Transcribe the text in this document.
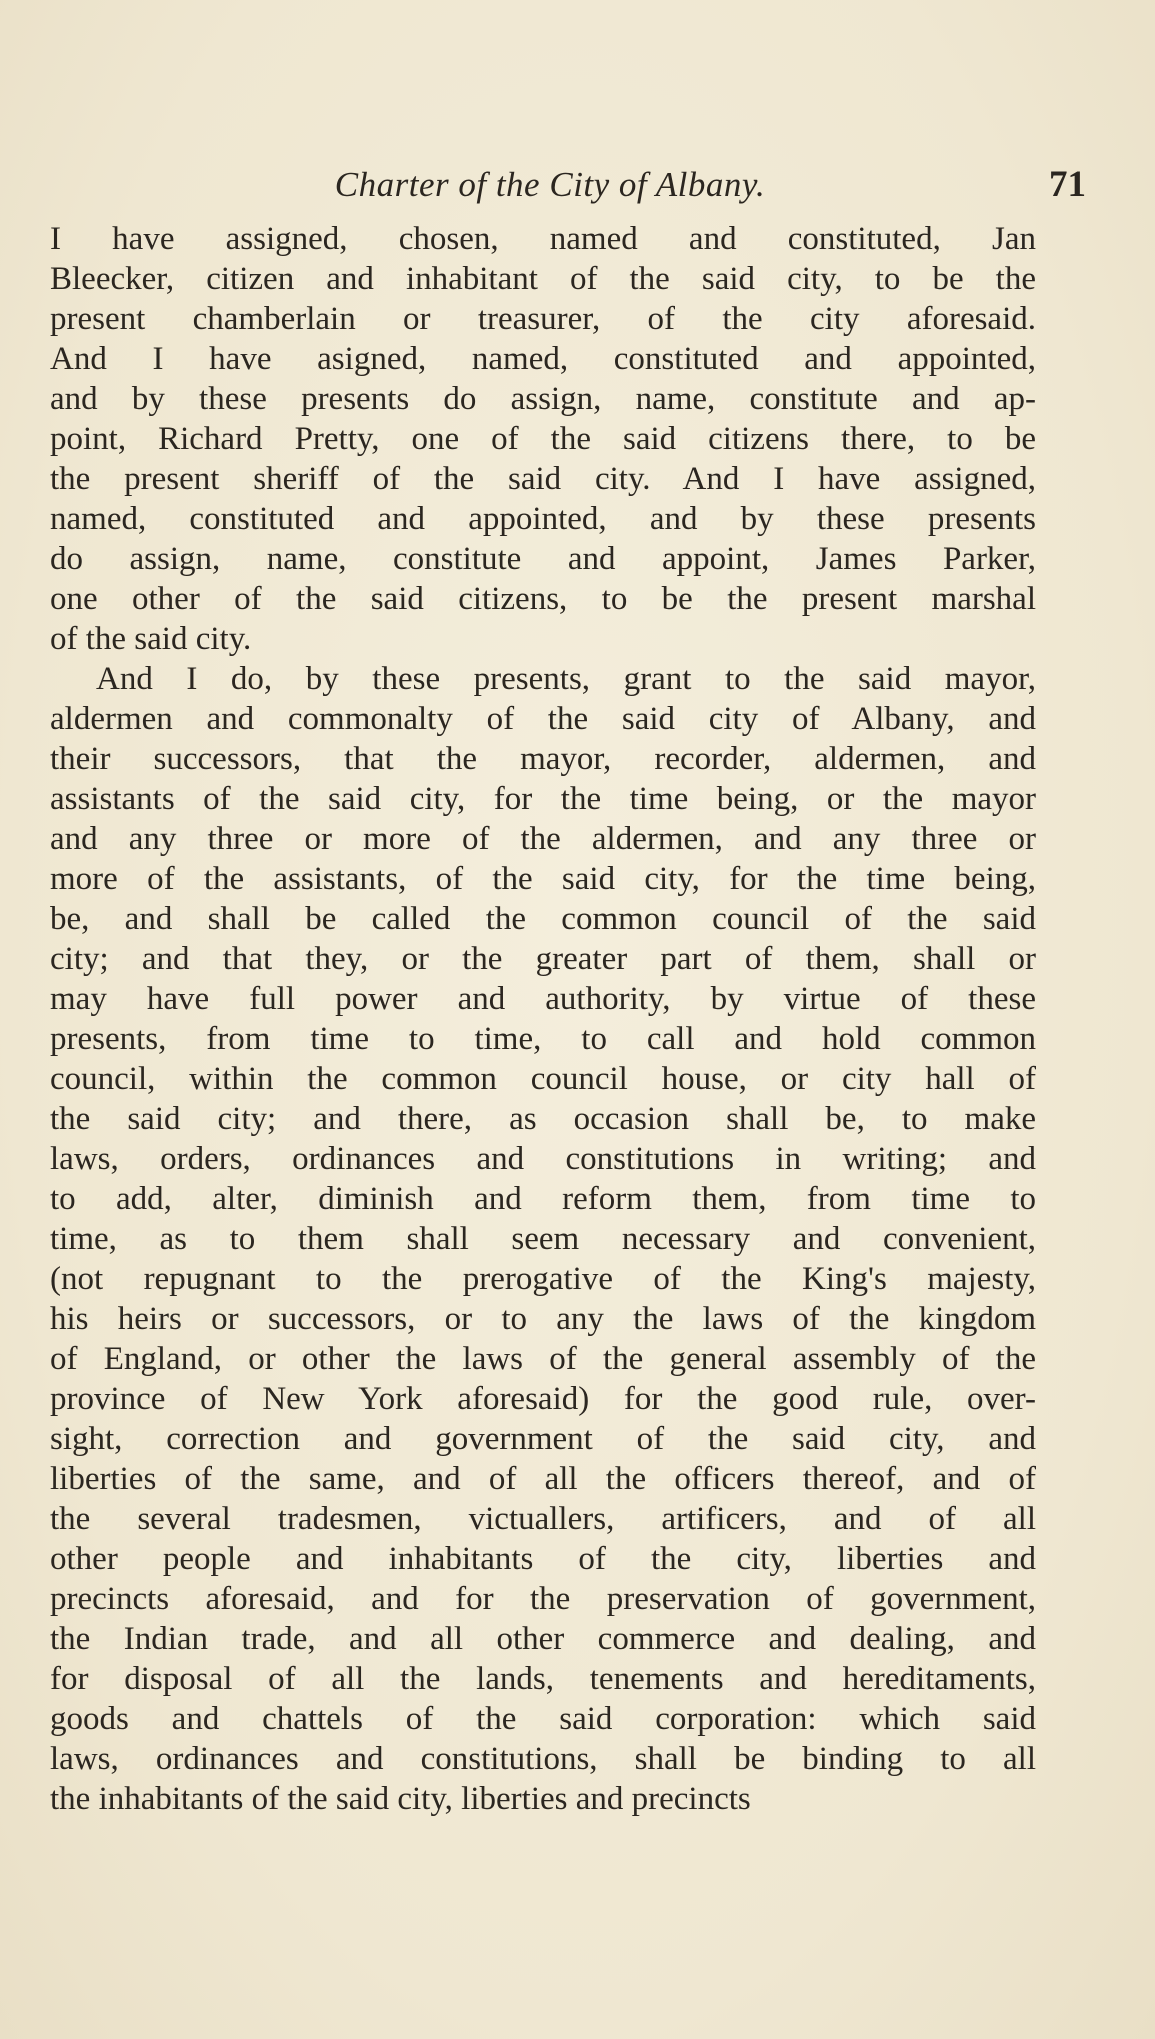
Charter of the City of Albany.	71
I have assigned, chosen, named and constituted, Jan
Bleecker, citizen and inhabitant of the said city, to be the
present chamberlain or treasurer, of the city aforesaid.
And I have asigned, named, constituted and appointed,
and by these presents do assign, name, constitute and ap-
point, Richard Pretty, one of the said citizens there, to be
the present sheriff of the said city. And I have assigned,
named, constituted and appointed, and by these presents
do assign, name, constitute and appoint, James Parker,
one other of the said citizens, to be the present marshal
of the said city.
And I do, by these presents, grant to the said mayor,
aldermen and commonalty of the said city of Albany, and
their successors, that the mayor, recorder, aldermen, and
assistants of the said city, for the time being, or the mayor
and any three or more of the aldermen, and any three or
more of the assistants, of the said city, for the time being,
be, and shall be called the common council of the said
city; and that they, or the greater part of them, shall or
may have full power and authority, by virtue of these
presents, from time to time, to call and hold common
council, within the common council house, or city hall of
the said city; and there, as occasion shall be, to make
laws, orders, ordinances and constitutions in writing; and
to add, alter, diminish and reform them, from time to
time, as to them shall seem necessary and convenient,
(not repugnant to the prerogative of the King's majesty,
his heirs or successors, or to any the laws of the kingdom
of England, or other the laws of the general assembly of the
province of New York aforesaid) for the good rule, over-
sight, correction and government of the said city, and
liberties of the same, and of all the officers thereof, and of
the several tradesmen, victuallers, artificers, and of all
other people and inhabitants of the city, liberties and
precincts aforesaid, and for the preservation of government,
the Indian trade, and all other commerce and dealing, and
for disposal of all the lands, tenements and hereditaments,
goods and chattels of the said corporation: which said
laws, ordinances and constitutions, shall be binding to all
the inhabitants of the said city, liberties and precincts
